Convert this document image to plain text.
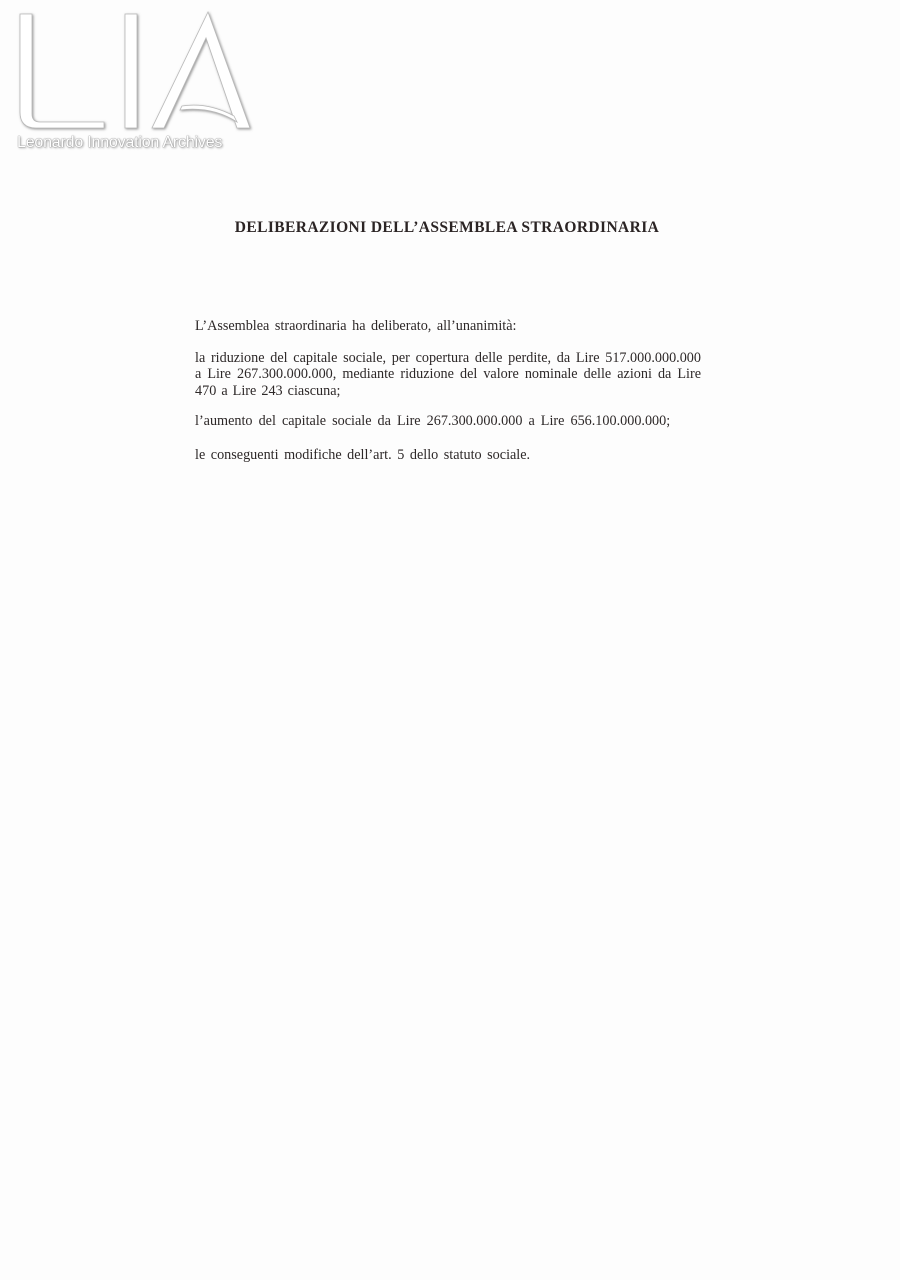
Leonardo Innovation Archives
DELIBERAZIONI DELL’ASSEMBLEA STRAORDINARIA

L’Assemblea straordinaria ha deliberato, all’unanimità:

la riduzione del capitale sociale, per copertura delle perdite, da Lire 517.000.000.000 a Lire 267.300.000.000, mediante riduzione del valore nominale delle azioni da Lire 470 a Lire 243 ciascuna;

l’aumento del capitale sociale da Lire 267.300.000.000 a Lire 656.100.000.000;

le conseguenti modifiche dell’art. 5 dello statuto sociale.
